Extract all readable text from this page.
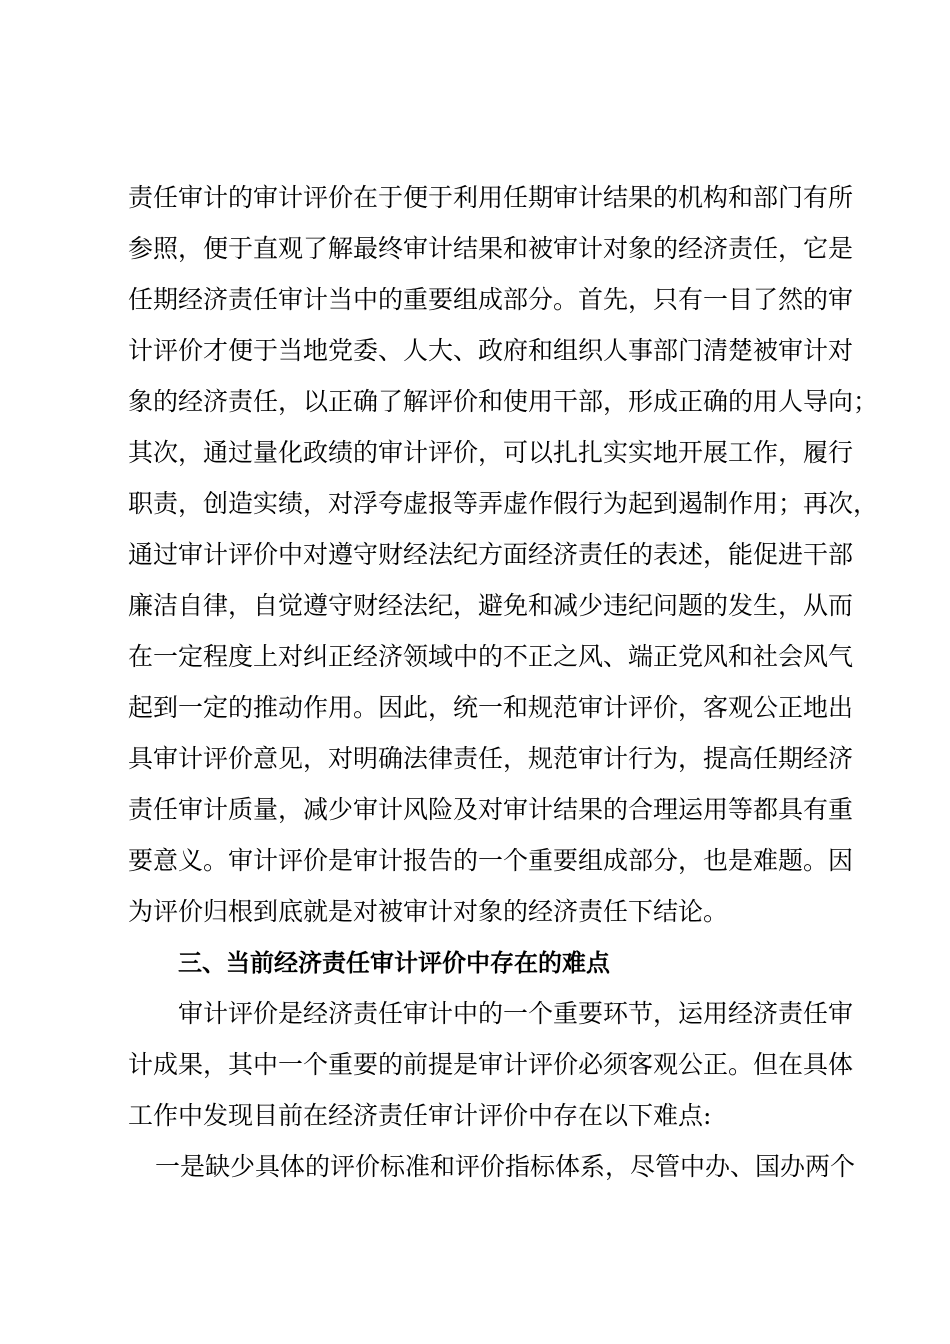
责任审计的审计评价在于便于利用任期审计结果的机构和部门有所
参照，便于直观了解最终审计结果和被审计对象的经济责任，它是
任期经济责任审计当中的重要组成部分。首先，只有一目了然的审
计评价才便于当地党委、人大、政府和组织人事部门清楚被审计对
象的经济责任，以正确了解评价和使用干部，形成正确的用人导向；
其次，通过量化政绩的审计评价，可以扎扎实实地开展工作，履行
职责，创造实绩，对浮夸虚报等弄虚作假行为起到遏制作用；再次，
通过审计评价中对遵守财经法纪方面经济责任的表述，能促进干部
廉洁自律，自觉遵守财经法纪，避免和减少违纪问题的发生，从而
在一定程度上对纠正经济领域中的不正之风、端正党风和社会风气
起到一定的推动作用。因此，统一和规范审计评价，客观公正地出
具审计评价意见，对明确法律责任，规范审计行为，提高任期经济
责任审计质量，减少审计风险及对审计结果的合理运用等都具有重
要意义。审计评价是审计报告的一个重要组成部分，也是难题。因
为评价归根到底就是对被审计对象的经济责任下结论。
三、当前经济责任审计评价中存在的难点
审计评价是经济责任审计中的一个重要环节，运用经济责任审
计成果，其中一个重要的前提是审计评价必须客观公正。但在具体
工作中发现目前在经济责任审计评价中存在以下难点:
一是缺少具体的评价标准和评价指标体系，尽管中办、国办两个
